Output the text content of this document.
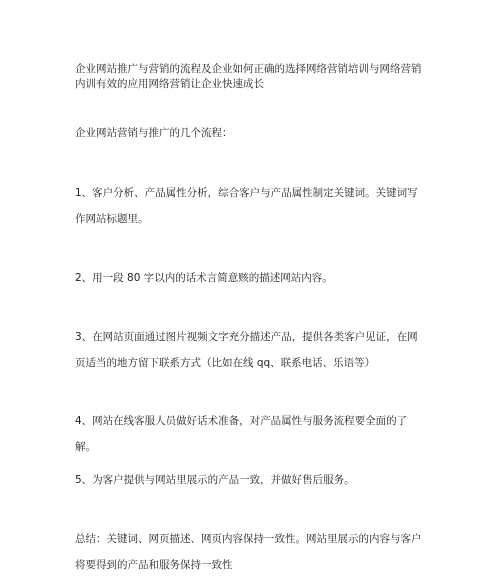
企业网站推广与营销的流程及企业如何正确的选择网络营销培训与网络营销内训有效的应用网络营销让企业快速成长

企业网站营销与推广的几个流程：

1、客户分析、产品属性分析，综合客户与产品属性制定关键词。关键词写作网站标题里。

2、用一段 80 字以内的话术言简意赅的描述网站内容。

3、在网站页面通过图片视频文字充分描述产品，提供各类客户见证，在网页适当的地方留下联系方式（比如在线 qq、联系电话、乐语等）

4、网站在线客服人员做好话术准备，对产品属性与服务流程要全面的了解。

5、为客户提供与网站里展示的产品一致，并做好售后服务。

总结：关键词、网页描述、网页内容保持一致性。网站里展示的内容与客户将要得到的产品和服务保持一致性
